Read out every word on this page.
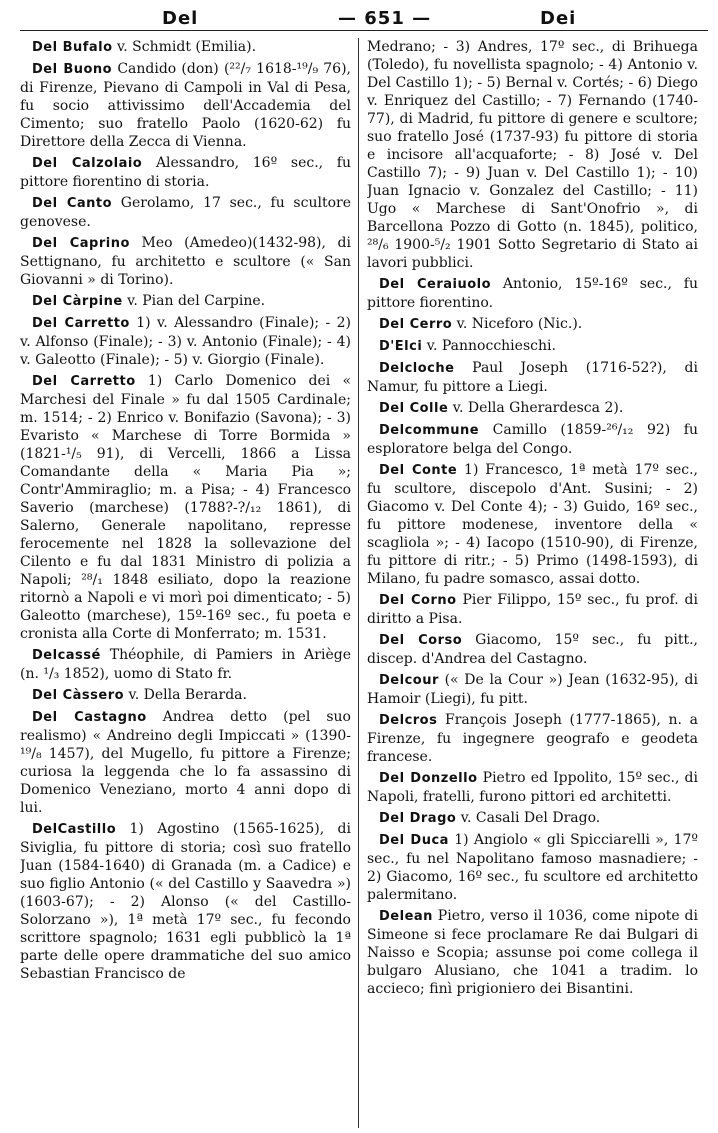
Del	— 651 —	Dei

Del Bufalo v. Schmidt (Emilia).

Del Buono Candido (don) (²²/₇ 1618-¹⁹/₉ 76), di Firenze, Pievano di Campoli in Val di Pesa, fu socio attivissimo dell'Accademia del Cimento; suo fratello Paolo (1620-62) fu Direttore della Zecca di Vienna.

Del Calzolaio Alessandro, 16º sec., fu pittore fiorentino di storia.

Del Canto Gerolamo, 17 sec., fu scultore genovese.

Del Caprino Meo (Amedeo)(1432-98), di Settignano, fu architetto e scultore (« San Giovanni » di Torino).

Del Càrpine v. Pian del Carpine.

Del Carretto 1) v. Alessandro (Finale); - 2) v. Alfonso (Finale); - 3) v. Antonio (Finale); - 4) v. Galeotto (Finale); - 5) v. Giorgio (Finale).

Del Carretto 1) Carlo Domenico dei « Marchesi del Finale » fu dal 1505 Cardinale; m. 1514; - 2) Enrico v. Bonifazio (Savona); - 3) Evaristo « Marchese di Torre Bormida » (1821-¹/₅ 91), di Vercelli, 1866 a Lissa Comandante della « Maria Pia »; Contr'Ammiraglio; m. a Pisa; - 4) Francesco Saverio (marchese) (1788?-?/₁₂ 1861), di Salerno, Generale napolitano, represse ferocemente nel 1828 la sollevazione del Cilento e fu dal 1831 Ministro di polizia a Napoli; ²⁸/₁ 1848 esiliato, dopo la reazione ritornò a Napoli e vi morì poi dimenticato; - 5) Galeotto (marchese), 15º-16º sec., fu poeta e cronista alla Corte di Monferrato; m. 1531.

Delcassé Théophile, di Pamiers in Ariège (n. ¹/₃ 1852), uomo di Stato fr.

Del Càssero v. Della Berarda.

Del Castagno Andrea detto (pel suo realismo) « Andreino degli Impiccati » (1390-¹⁹/₈ 1457), del Mugello, fu pittore a Firenze; curiosa la leggenda che lo fa assassino di Domenico Veneziano, morto 4 anni dopo di lui.

DelCastillo 1) Agostino (1565-1625), di Siviglia, fu pittore di storia; così suo fratello Juan (1584-1640) di Granada (m. a Cadice) e suo figlio Antonio (« del Castillo y Saavedra ») (1603-67); - 2) Alonso (« del Castillo-Solorzano »), 1ª metà 17º sec., fu fecondo scrittore spagnolo; 1631 egli pubblicò la 1ª parte delle opere drammatiche del suo amico Sebastian Francisco de

Medrano; - 3) Andres, 17º sec., di Brihuega (Toledo), fu novellista spagnolo; - 4) Antonio v. Del Castillo 1); - 5) Bernal v. Cortés; - 6) Diego v. Enriquez del Castillo; - 7) Fernando (1740-77), di Madrid, fu pittore di genere e scultore; suo fratello José (1737-93) fu pittore di storia e incisore all'acquaforte; - 8) José v. Del Castillo 7); - 9) Juan v. Del Castillo 1); - 10) Juan Ignacio v. Gonzalez del Castillo; - 11) Ugo « Marchese di Sant'Onofrio », di Barcellona Pozzo di Gotto (n. 1845), politico, ²⁸/₆ 1900-⁵/₂ 1901 Sotto Segretario di Stato ai lavori pubblici.

Del Ceraiuolo Antonio, 15º-16º sec., fu pittore fiorentino.

Del Cerro v. Niceforo (Nic.).

D'Elci v. Pannocchieschi.

Delcloche Paul Joseph (1716-52?), di Namur, fu pittore a Liegi.

Del Colle v. Della Gherardesca 2).

Delcommune Camillo (1859-²⁶/₁₂ 92) fu esploratore belga del Congo.

Del Conte 1) Francesco, 1ª metà 17º sec., fu scultore, discepolo d'Ant. Susini; - 2) Giacomo v. Del Conte 4); - 3) Guido, 16º sec., fu pittore modenese, inventore della « scagliola »; - 4) Iacopo (1510-90), di Firenze, fu pittore di ritr.; - 5) Primo (1498-1593), di Milano, fu padre somasco, assai dotto.

Del Corno Pier Filippo, 15º sec., fu prof. di diritto a Pisa.

Del Corso Giacomo, 15º sec., fu pitt., discep. d'Andrea del Castagno.

Delcour (« De la Cour ») Jean (1632-95), di Hamoir (Liegi), fu pitt.

Delcros François Joseph (1777-1865), n. a Firenze, fu ingegnere geografo e geodeta francese.

Del Donzello Pietro ed Ippolito, 15º sec., di Napoli, fratelli, furono pittori ed architetti.

Del Drago v. Casali Del Drago.

Del Duca 1) Angiolo « gli Spicciarelli », 17º sec., fu nel Napolitano famoso masnadiere; - 2) Giacomo, 16º sec., fu scultore ed architetto palermitano.

Delean Pietro, verso il 1036, come nipote di Simeone si fece proclamare Re dai Bulgari di Naisso e Scopia; assunse poi come collega il bulgaro Alusiano, che 1041 a tradim. lo accieco; finì prigioniero dei Bisantini.
